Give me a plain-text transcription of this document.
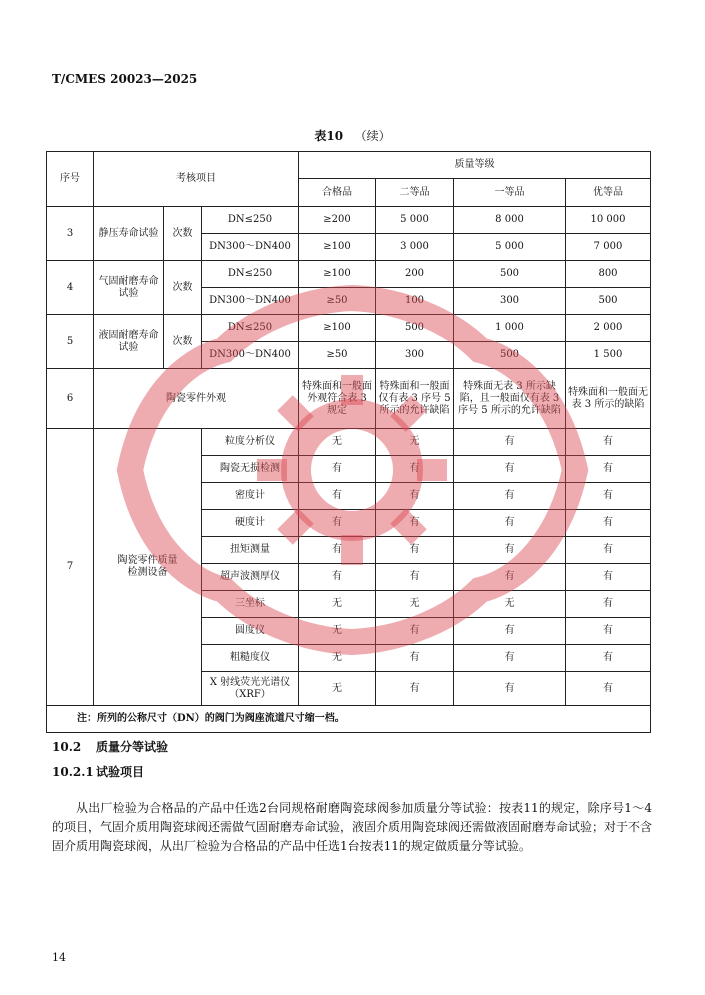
T/CMES 20023—2025
表10 （续）
序号	考核项目			质量等级			
				合格品	二等品	一等品	优等品
3	静压寿命试验	次数	DN≤250	≥200	5 000	8 000	10 000
			DN300～DN400	≥100	3 000	5 000	7 000
4	气固耐磨寿命试验	次数	DN≤250	≥100	200	500	800
			DN300～DN400	≥50	100	300	500
5	液固耐磨寿命试验	次数	DN≤250	≥100	500	1 000	2 000
			DN300～DN400	≥50	300	500	1 500
6	陶瓷零件外观			特殊面和一般面外观符合表 3 规定	特殊面和一般面仅有表 3 序号 5 所示的允许缺陷	特殊面无表 3 所示缺陷，且一般面仅有表 3 序号 5 所示的允许缺陷	特殊面和一般面无表 3 所示的缺陷
7	陶瓷零件质量检测设备		粒度分析仪	无	无	有	有
			陶瓷无损检测	有	有	有	有
			密度计	有	有	有	有
			硬度计	有	有	有	有
			扭矩测量	有	有	有	有
			超声波测厚仪	有	有	有	有
			三坐标	无	无	无	有
			圆度仪	无	有	有	有
			粗糙度仪	无	有	有	有
			X 射线荧光光谱仪（XRF）	无	有	有	有
注：所列的公称尺寸（DN）的阀门为阀座流道尺寸缩一档。							
10.2 质量分等试验
10.2.1 试验项目

从出厂检验为合格品的产品中任选2台同规格耐磨陶瓷球阀参加质量分等试验：按表11的规定，除序号1～4的项目，气固介质用陶瓷球阀还需做气固耐磨寿命试验，液固介质用陶瓷球阀还需做液固耐磨寿命试验；对于不含固介质用陶瓷球阀，从出厂检验为合格品的产品中任选1台按表11的规定做质量分等试验。

14
